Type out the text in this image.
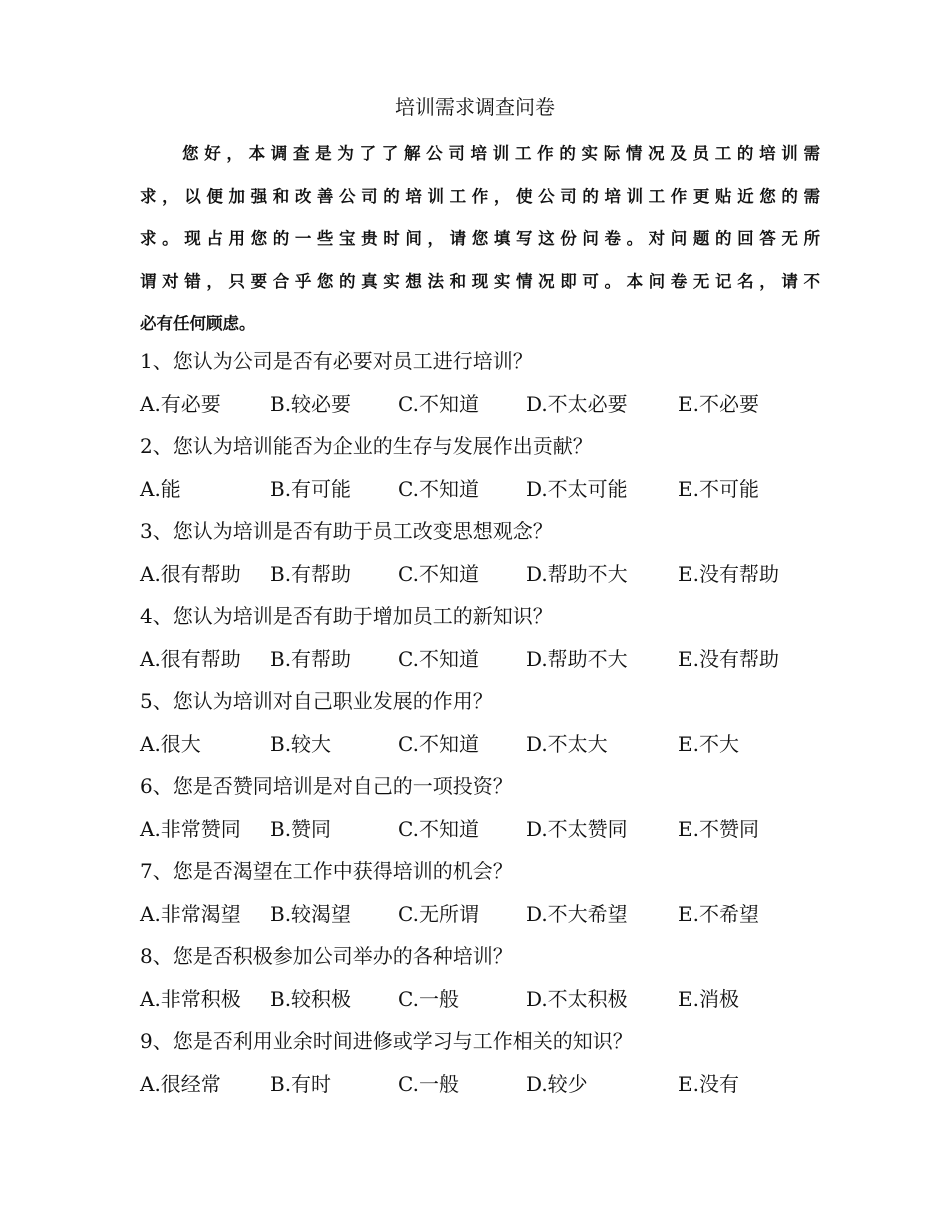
培训需求调查问卷
您好，本调查是为了了解公司培训工作的实际情况及员工的培训需
求，以便加强和改善公司的培训工作，使公司的培训工作更贴近您的需
求。现占用您的一些宝贵时间，请您填写这份问卷。对问题的回答无所
谓对错，只要合乎您的真实想法和现实情况即可。本问卷无记名，请不
必有任何顾虑。
1、您认为公司是否有必要对员工进行培训？
A.有必要 B.较必要 C.不知道 D.不太必要	E.不必要
2、您认为培训能否为企业的生存与发展作出贡献？
A.能	B.有可能 C.不知道 D.不太可能	E.不可能
3、您认为培训是否有助于员工改变思想观念？
A.很有帮助 B.有帮助 C.不知道 D.帮助不大	E.没有帮助
4、您认为培训是否有助于增加员工的新知识？
A.很有帮助 B.有帮助 C.不知道 D.帮助不大	E.没有帮助
5、您认为培训对自己职业发展的作用？
A.很大	B.较大	C.不知道 D.不太大	E.不大
6、您是否赞同培训是对自己的一项投资？
A.非常赞同 B.赞同	C.不知道 D.不太赞同	E.不赞同
7、您是否渴望在工作中获得培训的机会？
A.非常渴望 B.较渴望 C.无所谓 D.不大希望	E.不希望
8、您是否积极参加公司举办的各种培训？
A.非常积极 B.较积极 C.一般	D.不太积极	E.消极
9、您是否利用业余时间进修或学习与工作相关的知识？
A.很经常 B.有时	C.一般	D.较少	E.没有
